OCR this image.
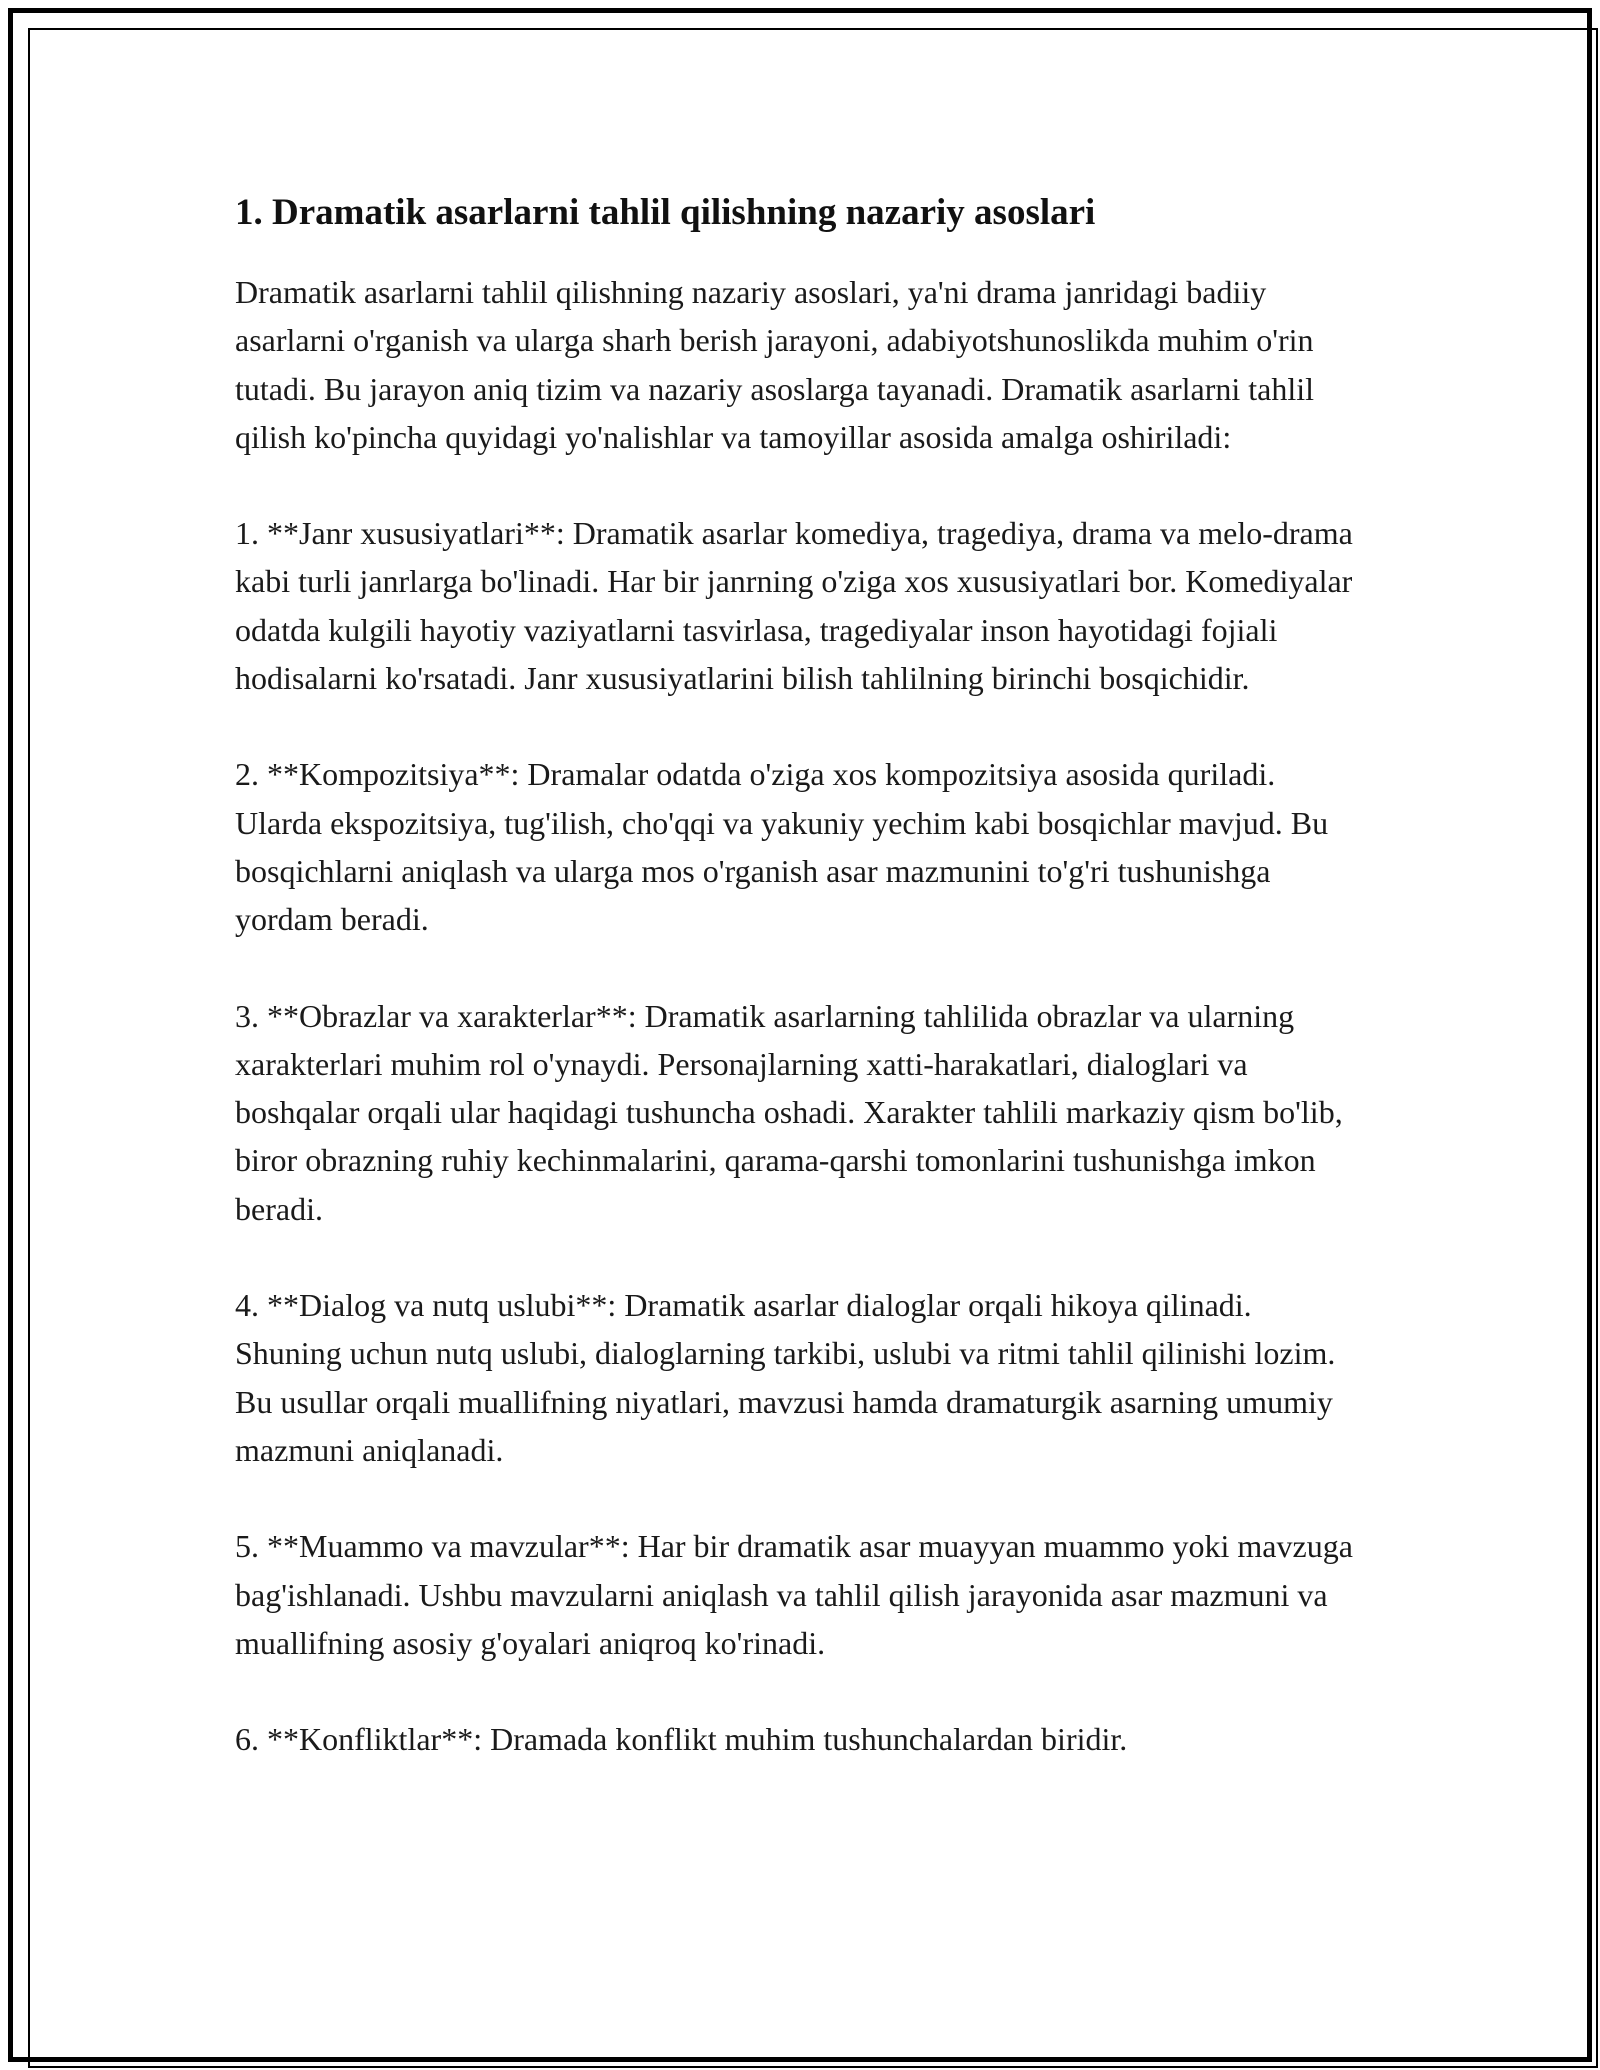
1. Dramatik asarlarni tahlil qilishning nazariy asoslari

Dramatik asarlarni tahlil qilishning nazariy asoslari, ya'ni drama janridagi badiiy asarlarni o'rganish va ularga sharh berish jarayoni, adabiyotshunoslikda muhim o'rin tutadi. Bu jarayon aniq tizim va nazariy asoslarga tayanadi. Dramatik asarlarni tahlil qilish ko'pincha quyidagi yo'nalishlar va tamoyillar asosida amalga oshiriladi:

1. **Janr xususiyatlari**: Dramatik asarlar komediya, tragediya, drama va melo-drama kabi turli janrlarga bo'linadi. Har bir janrning o'ziga xos xususiyatlari bor. Komediyalar odatda kulgili hayotiy vaziyatlarni tasvirlasa, tragediyalar inson hayotidagi fojiali hodisalarni ko'rsatadi. Janr xususiyatlarini bilish tahlilning birinchi bosqichidir.

2. **Kompozitsiya**: Dramalar odatda o'ziga xos kompozitsiya asosida quriladi. Ularda ekspozitsiya, tug'ilish, cho'qqi va yakuniy yechim kabi bosqichlar mavjud. Bu bosqichlarni aniqlash va ularga mos o'rganish asar mazmunini to'g'ri tushunishga yordam beradi.

3. **Obrazlar va xarakterlar**: Dramatik asarlarning tahlilida obrazlar va ularning xarakterlari muhim rol o'ynaydi. Personajlarning xatti-harakatlari, dialoglari va boshqalar orqali ular haqidagi tushuncha oshadi. Xarakter tahlili markaziy qism bo'lib, biror obrazning ruhiy kechinmalarini, qarama-qarshi tomonlarini tushunishga imkon beradi.

4. **Dialog va nutq uslubi**: Dramatik asarlar dialoglar orqali hikoya qilinadi. Shuning uchun nutq uslubi, dialoglarning tarkibi, uslubi va ritmi tahlil qilinishi lozim. Bu usullar orqali muallifning niyatlari, mavzusi hamda dramaturgik asarning umumiy mazmuni aniqlanadi.

5. **Muammo va mavzular**: Har bir dramatik asar muayyan muammo yoki mavzuga bag'ishlanadi. Ushbu mavzularni aniqlash va tahlil qilish jarayonida asar mazmuni va muallifning asosiy g'oyalari aniqroq ko'rinadi.

6. **Konfliktlar**: Dramada konflikt muhim tushunchalardan biridir.
